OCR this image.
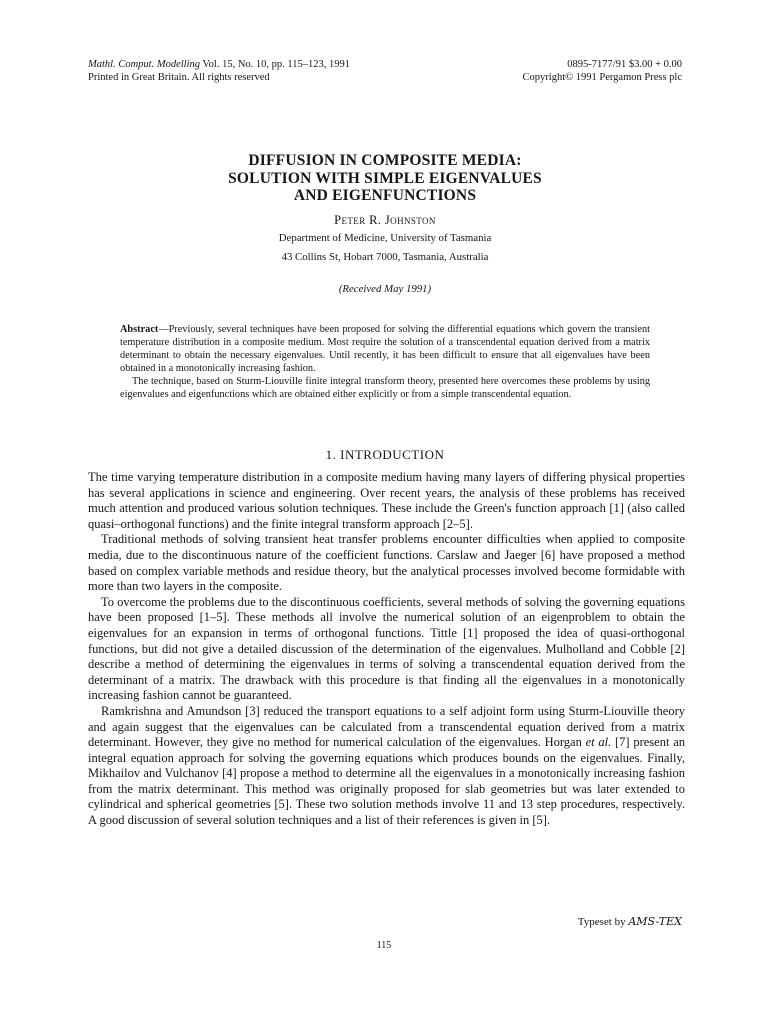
Mathl. Comput. Modelling Vol. 15, No. 10, pp. 115–123, 1991
Printed in Great Britain. All rights reserved
0895-7177/91 $3.00 + 0.00
Copyright© 1991 Pergamon Press plc
DIFFUSION IN COMPOSITE MEDIA:
SOLUTION WITH SIMPLE EIGENVALUES
AND EIGENFUNCTIONS
Peter R. Johnston
Department of Medicine, University of Tasmania
43 Collins St, Hobart 7000, Tasmania, Australia
(Received May 1991)

Abstract—Previously, several techniques have been proposed for solving the differential equations which govern the transient temperature distribution in a composite medium. Most require the solution of a transcendental equation derived from a matrix determinant to obtain the necessary eigenvalues. Until recently, it has been difficult to ensure that all eigenvalues have been obtained in a monotonically increasing fashion.

The technique, based on Sturm-Liouville finite integral transform theory, presented here overcomes these problems by using eigenvalues and eigenfunctions which are obtained either explicitly or from a simple transcendental equation.

1. INTRODUCTION

The time varying temperature distribution in a composite medium having many layers of differing physical properties has several applications in science and engineering. Over recent years, the analysis of these problems has received much attention and produced various solution techniques. These include the Green's function approach [1] (also called quasi–orthogonal functions) and the finite integral transform approach [2–5].

Traditional methods of solving transient heat transfer problems encounter difficulties when applied to composite media, due to the discontinuous nature of the coefficient functions. Carslaw and Jaeger [6] have proposed a method based on complex variable methods and residue theory, but the analytical processes involved become formidable with more than two layers in the composite.

To overcome the problems due to the discontinuous coefficients, several methods of solving the governing equations have been proposed [1–5]. These methods all involve the numerical solution of an eigenproblem to obtain the eigenvalues for an expansion in terms of orthogonal functions. Tittle [1] proposed the idea of quasi-orthogonal functions, but did not give a detailed discussion of the determination of the eigenvalues. Mulholland and Cobble [2] describe a method of determining the eigenvalues in terms of solving a transcendental equation derived from the determinant of a matrix. The drawback with this procedure is that finding all the eigenvalues in a monotonically increasing fashion cannot be guaranteed.

Ramkrishna and Amundson [3] reduced the transport equations to a self adjoint form using Sturm-Liouville theory and again suggest that the eigenvalues can be calculated from a transcendental equation derived from a matrix determinant. However, they give no method for numerical calculation of the eigenvalues. Horgan et al. [7] present an integral equation approach for solving the governing equations which produces bounds on the eigenvalues. Finally, Mikhailov and Vulchanov [4] propose a method to determine all the eigenvalues in a monotonically increasing fashion from the matrix determinant. This method was originally proposed for slab geometries but was later extended to cylindrical and spherical geometries [5]. These two solution methods involve 11 and 13 step procedures, respectively. A good discussion of several solution techniques and a list of their references is given in [5].

Typeset by AMS-TEX
115
